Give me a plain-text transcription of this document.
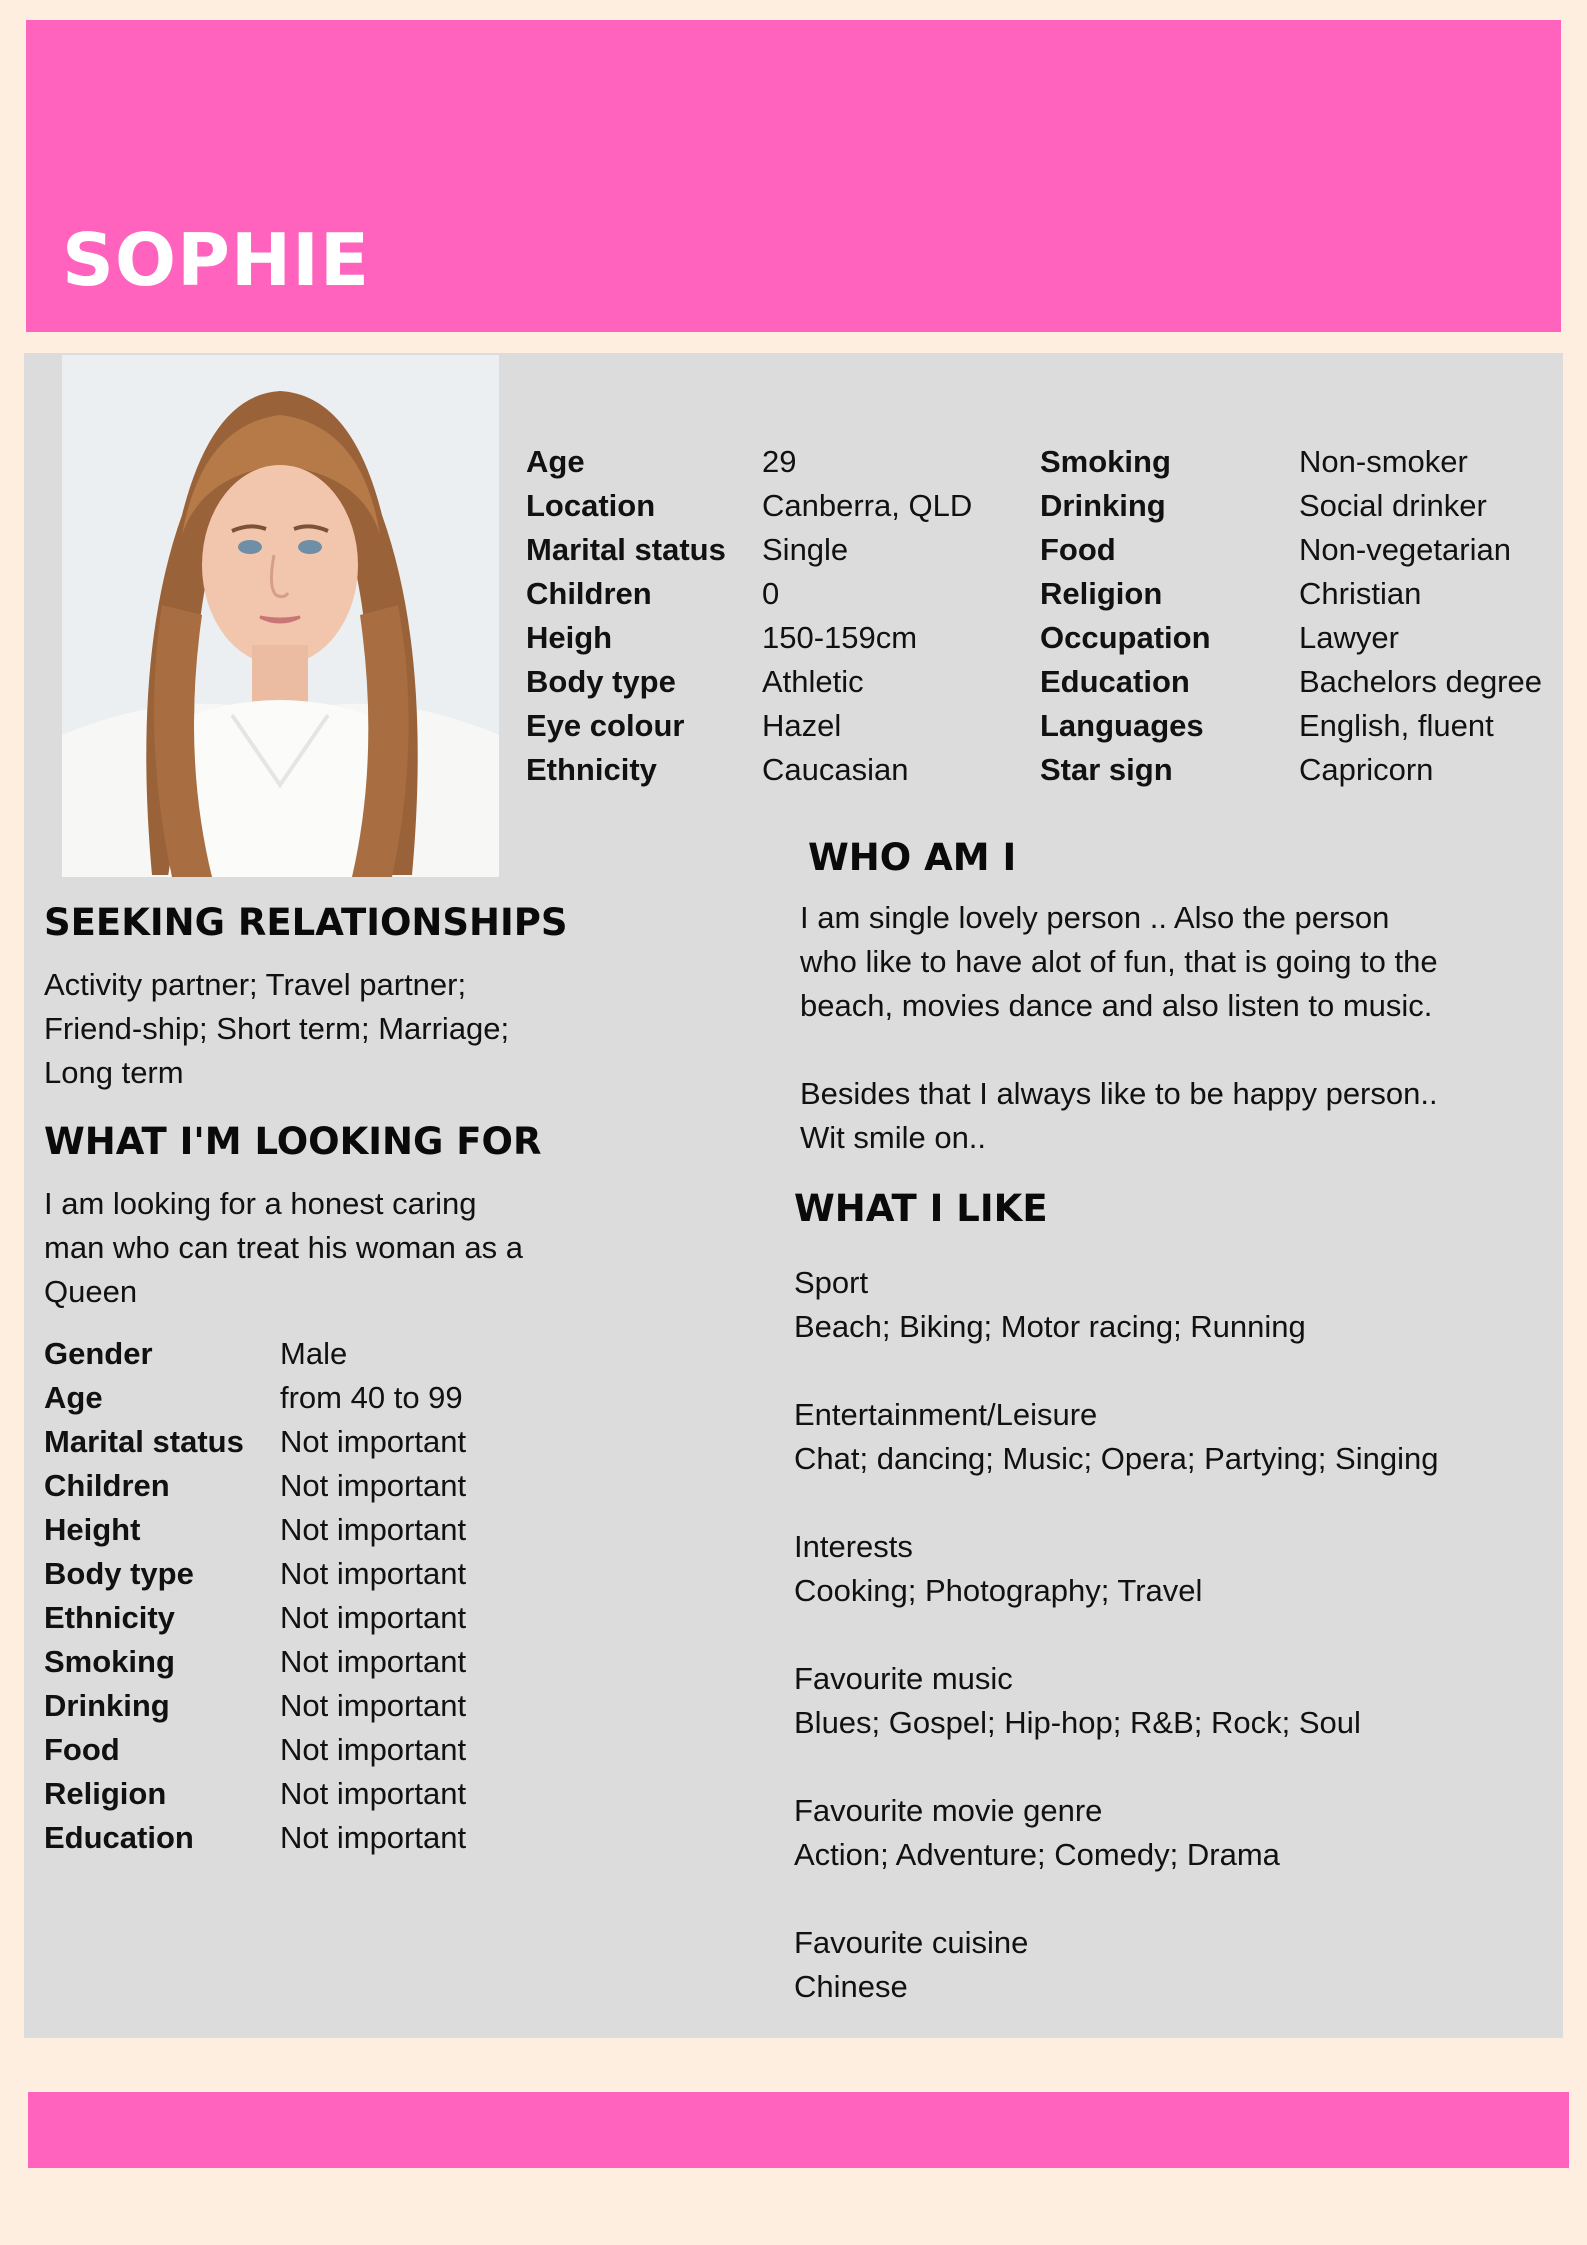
SOPHIE
Age	29
Location	Canberra, QLD
Marital status	Single
Children	0
Heigh	150-159cm
Body type	Athletic
Eye colour	Hazel
Ethnicity	Caucasian
Smoking	Non-smoker
Drinking	Social drinker
Food	Non-vegetarian
Religion	Christian
Occupation	Lawyer
Education	Bachelors degree
Languages	English, fluent
Star sign	Capricorn
WHO AM I
I am single lovely person .. Also the person
who like to have alot of fun, that is going to the
beach, movies dance and also listen to music.
Besides that I always like to be happy person..
Wit smile on..
SEEKING RELATIONSHIPS
Activity partner; Travel partner;
Friend-ship; Short term; Marriage;
Long term
WHAT I'M LOOKING FOR
I am looking for a honest caring
man who can treat his woman as a
Queen
Gender	Male
Age	from 40 to 99
Marital status	Not important
Children	Not important
Height	Not important
Body type	Not important
Ethnicity	Not important
Smoking	Not important
Drinking	Not important
Food	Not important
Religion	Not important
Education	Not important
WHAT I LIKE
Sport
Beach; Biking; Motor racing; Running
Entertainment/Leisure
Chat; dancing; Music; Opera; Partying; Singing
Interests
Cooking; Photography; Travel
Favourite music
Blues; Gospel; Hip-hop; R&B; Rock; Soul
Favourite movie genre
Action; Adventure; Comedy; Drama
Favourite cuisine
Chinese
